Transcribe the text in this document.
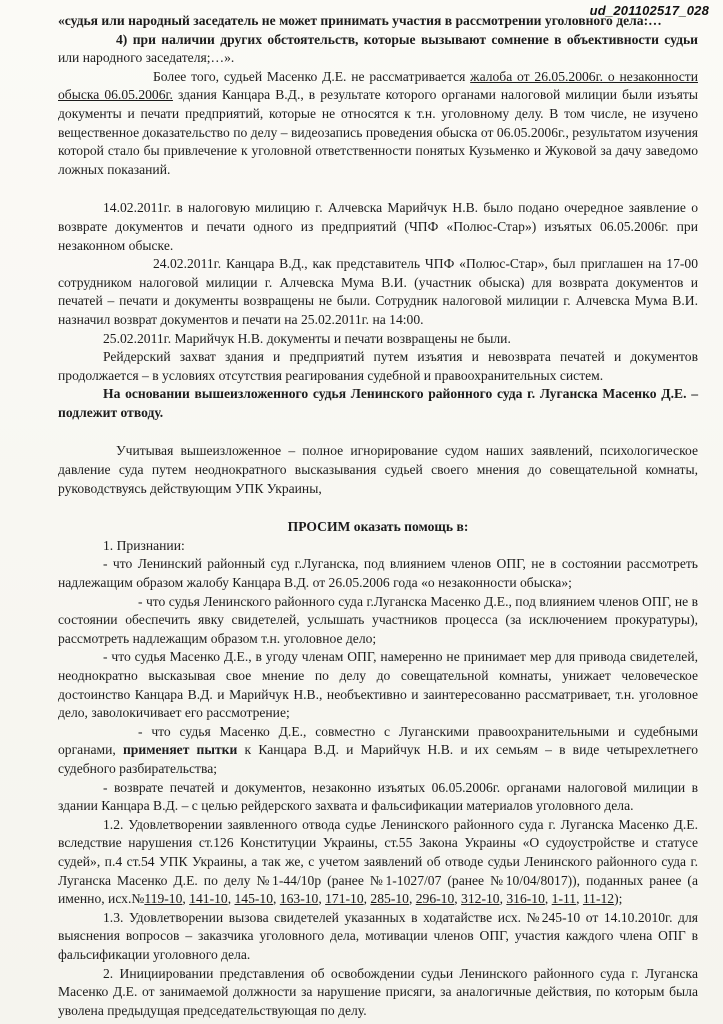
ud_201102517_028

«судья или народный заседатель не может принимать участия в рассмотрении уголовного дела:…

4) при наличии других обстоятельств, которые вызывают сомнение в объективности судьи или народного заседателя;…».

Более того, судьей Масенко Д.Е. не рассматривается жалоба от 26.05.2006г. о незаконности обыска 06.05.2006г. здания Канцара В.Д., в результате которого органами налоговой милиции были изъяты документы и печати предприятий, которые не относятся к т.н. уголовному делу. В том числе, не изучено вещественное доказательство по делу – видеозапись проведения обыска от 06.05.2006г., результатом изучения которой стало бы привлечение к уголовной ответственности понятых Кузьменко и Жуковой за дачу заведомо ложных показаний.

14.02.2011г. в налоговую милицию г. Алчевска Марийчук Н.В. было подано очередное заявление о возврате документов и печати одного из предприятий (ЧПФ «Полюс-Стар») изъятых 06.05.2006г. при незаконном обыске.

24.02.2011г. Канцара В.Д., как представитель ЧПФ «Полюс-Стар», был приглашен на 17-00 сотрудником налоговой милиции г. Алчевска Мума В.И. (участник обыска) для возврата документов и печатей – печати и документы возвращены не были. Сотрудник налоговой милиции г. Алчевска Мума В.И. назначил возврат документов и печати на 25.02.2011г. на 14:00.

25.02.2011г. Марийчук Н.В. документы и печати возвращены не были.

Рейдерский захват здания и предприятий путем изъятия и невозврата печатей и документов продолжается – в условиях отсутствия реагирования судебной и правоохранительных систем.

На основании вышеизложенного судья Ленинского районного суда г. Луганска Масенко Д.Е. – подлежит отводу.

Учитывая вышеизложенное – полное игнорирование судом наших заявлений, психологическое давление суда путем неоднократного высказывания судьей своего мнения до совещательной комнаты, руководствуясь действующим УПК Украины,

ПРОСИМ оказать помощь в:

1. Признании:

- что Ленинский районный суд г.Луганска, под влиянием членов ОПГ, не в состоянии рассмотреть надлежащим образом жалобу Канцара В.Д. от 26.05.2006 года «о незаконности обыска»;

- что судья Ленинского районного суда г.Луганска Масенко Д.Е., под влиянием членов ОПГ, не в состоянии обеспечить явку свидетелей, услышать участников процесса (за исключением прокуратуры), рассмотреть надлежащим образом т.н. уголовное дело;

- что судья Масенко Д.Е., в угоду членам ОПГ, намеренно не принимает мер для привода свидетелей, неоднократно высказывая свое мнение по делу до совещательной комнаты, унижает человеческое достоинство Канцара В.Д. и Марийчук Н.В., необъективно и заинтересованно рассматривает, т.н. уголовное дело, заволокичивает его рассмотрение;

- что судья Масенко Д.Е., совместно с Луганскими правоохранительными и судебными органами, применяет пытки к Канцара В.Д. и Марийчук Н.В. и их семьям – в виде четырехлетнего судебного разбирательства;

- возврате печатей и документов, незаконно изъятых 06.05.2006г. органами налоговой милиции в здании Канцара В.Д. – с целью рейдерского захвата и фальсификации материалов уголовного дела.

1.2. Удовлетворении заявленного отвода судье Ленинского районного суда г. Луганска Масенко Д.Е. вследствие нарушения ст.126 Конституции Украины, ст.55 Закона Украины «О судоустройстве и статусе судей», п.4 ст.54 УПК Украины, а так же, с учетом заявлений об отводе судьи Ленинского районного суда г. Луганска Масенко Д.Е. по делу №1-44/10р (ранее №1-1027/07 (ранее №10/04/8017)), поданных ранее (а именно, исх.№119-10, 141-10, 145-10, 163-10, 171-10, 285-10, 296-10, 312-10, 316-10, 1-11, 11-12);

1.3. Удовлетворении вызова свидетелей указанных в ходатайстве исх. №245-10 от 14.10.2010г. для выяснения вопросов – заказчика уголовного дела, мотивации членов ОПГ, участия каждого члена ОПГ в фальсификации уголовного дела.

2. Инициировании представления об освобождении судьи Ленинского районного суда г. Луганска Масенко Д.Е. от занимаемой должности за нарушение присяги, за аналогичные действия, по которым была уволена предыдущая председательствующая по делу.
